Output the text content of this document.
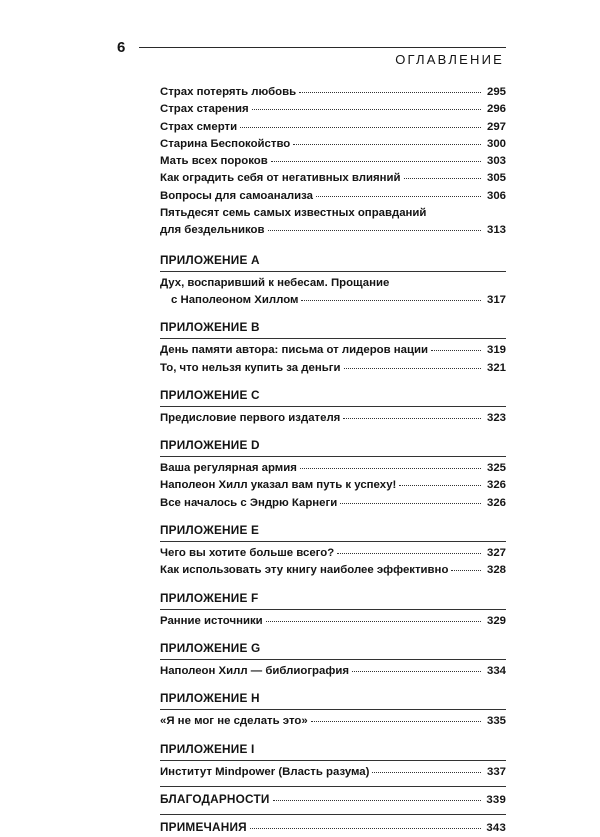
6
ОГЛАВЛЕНИЕ
Страх потерять любовь	295
Страх старения	296
Страх смерти	297
Старина Беспокойство	300
Мать всех пороков	303
Как оградить себя от негативных влияний	305
Вопросы для самоанализа	306
Пятьдесят семь самых известных оправданий
для бездельников	313
ПРИЛОЖЕНИЕ A
Дух, воспаривший к небесам. Прощание
с Наполеоном Хиллом	317
ПРИЛОЖЕНИЕ B
День памяти автора: письма от лидеров нации	319
То, что нельзя купить за деньги	321
ПРИЛОЖЕНИЕ C
Предисловие первого издателя	323
ПРИЛОЖЕНИЕ D
Ваша регулярная армия	325
Наполеон Хилл указал вам путь к успеху!	326
Все началось с Эндрю Карнеги	326
ПРИЛОЖЕНИЕ E
Чего вы хотите больше всего?	327
Как использовать эту книгу наиболее эффективно	328
ПРИЛОЖЕНИЕ F
Ранние источники	329
ПРИЛОЖЕНИЕ G
Наполеон Хилл — библиография	334
ПРИЛОЖЕНИЕ H
«Я не мог не сделать это»	335
ПРИЛОЖЕНИЕ I
Институт Mindpower (Власть разума)	337
БЛАГОДАРНОСТИ	339
ПРИМЕЧАНИЯ	343
